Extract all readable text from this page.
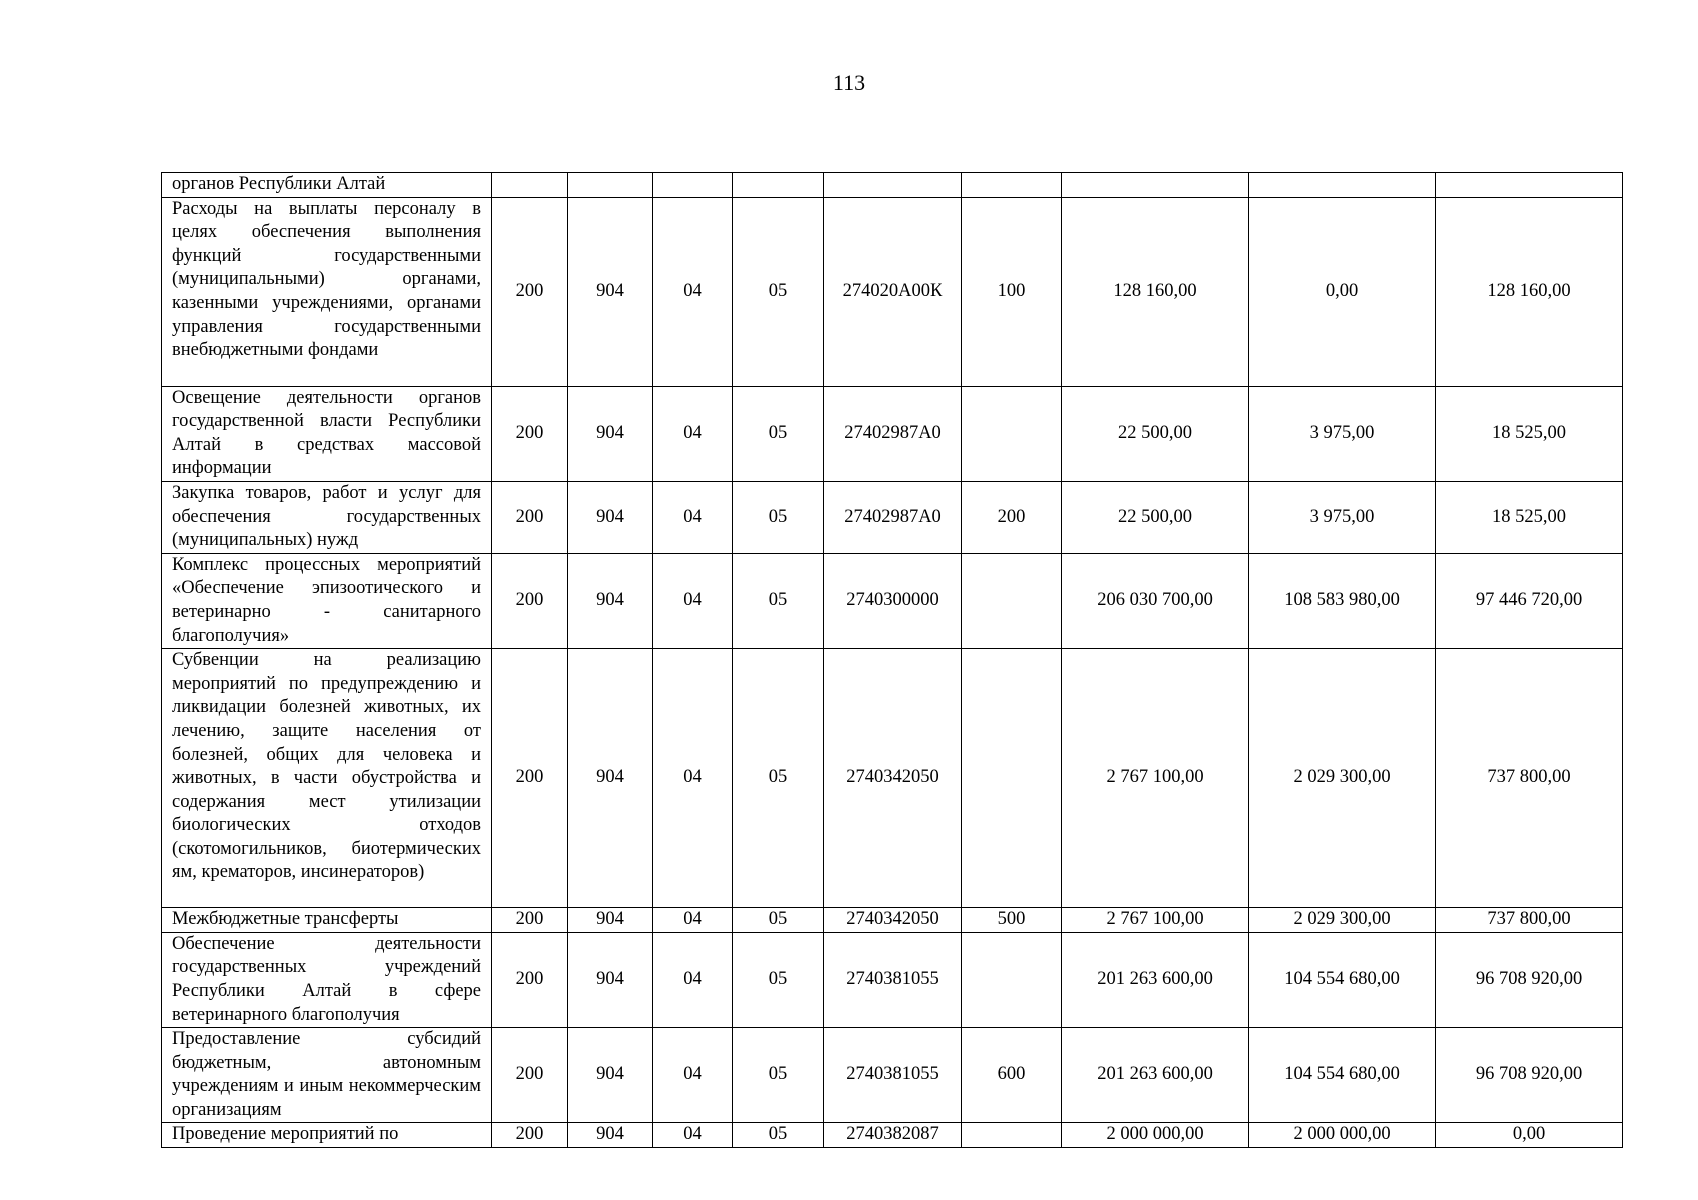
113
органов Республики Алтай									
Расходы на выплаты персоналу в целях обеспечения выполнения функций государственными (муниципальными) органами, казенными учреждениями, органами управления государственными внебюджетными фондами	200	904	04	05	274020А00К	100	128 160,00	0,00	128 160,00
Освещение деятельности органов государственной власти Республики Алтай в средствах массовой информации	200	904	04	05	27402987А0		22 500,00	3 975,00	18 525,00
Закупка товаров, работ и услуг для обеспечения государственных (муниципальных) нужд	200	904	04	05	27402987А0	200	22 500,00	3 975,00	18 525,00
Комплекс процессных мероприятий «Обеспечение эпизоотического и ветеринарно - санитарного благополучия»	200	904	04	05	2740300000		206 030 700,00	108 583 980,00	97 446 720,00
Субвенции на реализацию мероприятий по предупреждению и ликвидации болезней животных, их лечению, защите населения от болезней, общих для человека и животных, в части обустройства и содержания мест утилизации биологических отходов (скотомогильников, биотермических ям, крематоров, инсинераторов)	200	904	04	05	2740342050		2 767 100,00	2 029 300,00	737 800,00
Межбюджетные трансферты	200	904	04	05	2740342050	500	2 767 100,00	2 029 300,00	737 800,00
Обеспечение деятельности государственных учреждений Республики Алтай в сфере ветеринарного благополучия	200	904	04	05	2740381055		201 263 600,00	104 554 680,00	96 708 920,00
Предоставление субсидий бюджетным, автономным учреждениям и иным некоммерческим организациям	200	904	04	05	2740381055	600	201 263 600,00	104 554 680,00	96 708 920,00
Проведение мероприятий по	200	904	04	05	2740382087		2 000 000,00	2 000 000,00	0,00
